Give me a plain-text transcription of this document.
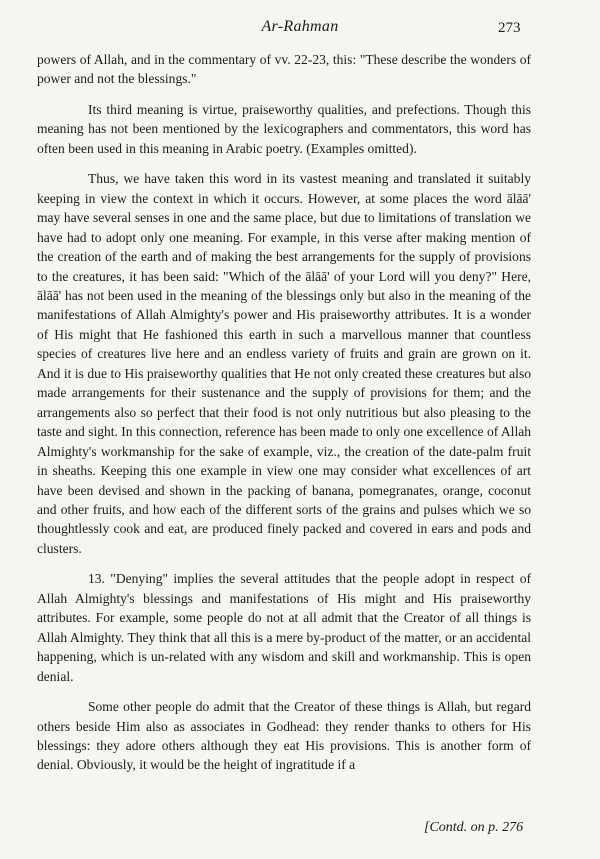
Ar-Rahman	273

powers of Allah, and in the commentary of vv. 22-23, this: "These describe the wonders of power and not the blessings."

Its third meaning is virtue, praiseworthy qualities, and prefections. Though this meaning has not been mentioned by the lexicographers and commentators, this word has often been used in this meaning in Arabic poetry. (Examples omitted).

Thus, we have taken this word in its vastest meaning and translated it suitably keeping in view the context in which it occurs. However, at some places the word ālāā' may have several senses in one and the same place, but due to limitations of translation we have had to adopt only one meaning. For example, in this verse after making mention of the creation of the earth and of making the best arrangements for the supply of provisions to the creatures, it has been said: "Which of the ālāā' of your Lord will you deny?" Here, ālāā' has not been used in the meaning of the blessings only but also in the meaning of the manifestations of Allah Almighty's power and His praiseworthy attributes. It is a wonder of His might that He fashioned this earth in such a marvellous manner that countless species of creatures live here and an endless variety of fruits and grain are grown on it. And it is due to His praiseworthy qualities that He not only created these creatures but also made arrangements for their sustenance and the supply of provisions for them; and the arrangements also so perfect that their food is not only nutritious but also pleasing to the taste and sight. In this connection, reference has been made to only one excellence of Allah Almighty's workmanship for the sake of example, viz., the creation of the date-palm fruit in sheaths. Keeping this one example in view one may consider what excellences of art have been devised and shown in the packing of banana, pomegranates, orange, coconut and other fruits, and how each of the different sorts of the grains and pulses which we so thoughtlessly cook and eat, are produced finely packed and covered in ears and pods and clusters.

13. "Denying" implies the several attitudes that the people adopt in respect of Allah Almighty's blessings and manifestations of His might and His praiseworthy attributes. For example, some people do not at all admit that the Creator of all things is Allah Almighty. They think that all this is a mere by-product of the matter, or an accidental happening, which is un-related with any wisdom and skill and workmanship. This is open denial.

Some other people do admit that the Creator of these things is Allah, but regard others beside Him also as associates in Godhead: they render thanks to others for His blessings: they adore others although they eat His provisions. This is another form of denial. Obviously, it would be the height of ingratitude if a

[Contd. on p. 276
